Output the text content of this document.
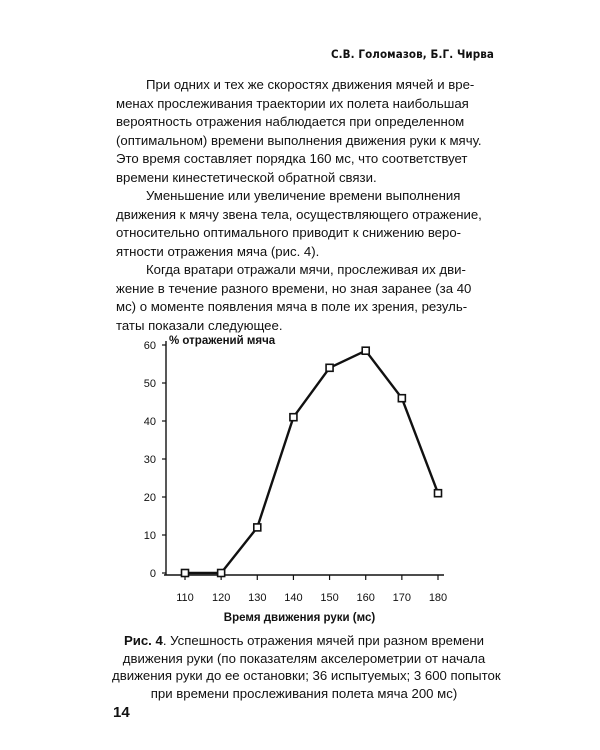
С.В. Голомазов, Б.Г. Чирва

При одних и тех же скоростях движения мячей и вре-
менах прослеживания траектории их полета наибольшая
вероятность отражения наблюдается при определенном
(оптимальном) времени выполнения движения руки к мячу.
Это время составляет порядка 160 мс, что соответствует
времени кинестетической обратной связи.

Уменьшение или увеличение времени выполнения
движения к мячу звена тела, осуществляющего отражение,
относительно оптимального приводит к снижению веро-
ятности отражения мяча (рис. 4).

Когда вратари отражали мячи, прослеживая их дви-
жение в течение разного времени, но зная заранее (за 40
мс) о моменте появления мяча в поле их зрения, резуль-
таты показали следующее.

0
10
20
30
40
50
60
110 120 130 140 150 160 170 180
% отражений мяча
Время движения руки (мс)
Рис. 4. Успешность отражения мячей при разном времени
движения руки (по показателям акселерометрии от начала
движения руки до ее остановки; 36 испытуемых; 3 600 попыток
при времени прослеживания полета мяча 200 мс)
14
